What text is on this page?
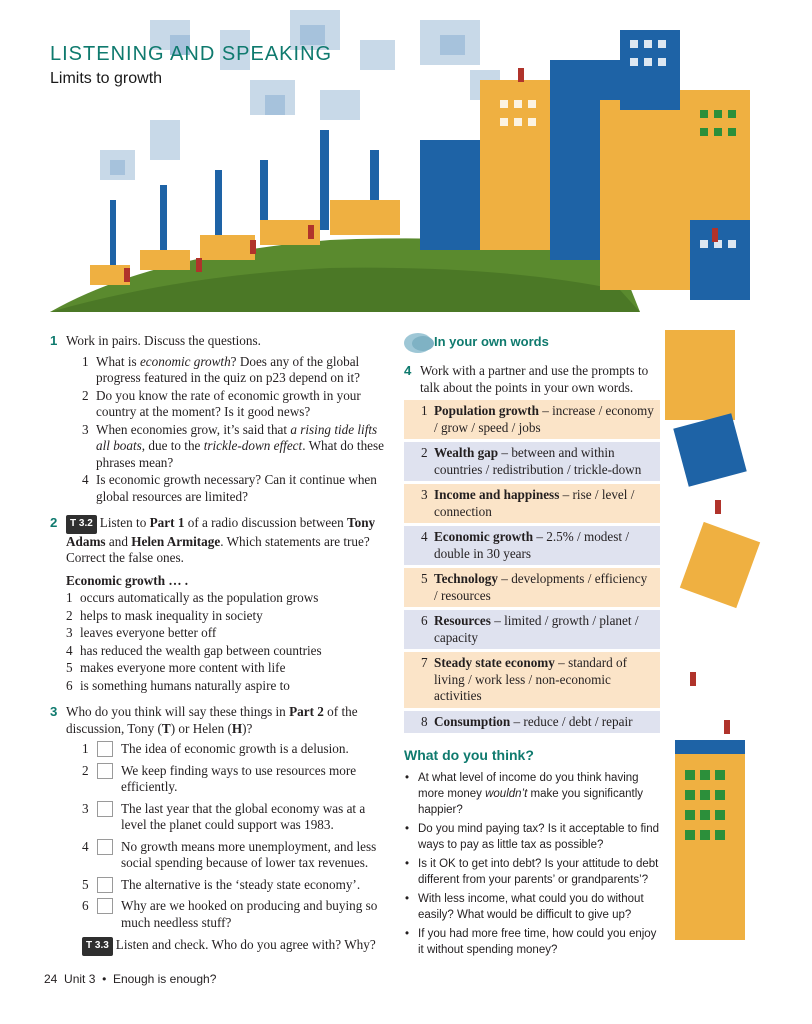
LISTENING AND SPEAKING
Limits to growth
1 Work in pairs. Discuss the questions.
1 What is economic growth? Does any of the global progress featured in the quiz on p23 depend on it?
2 Do you know the rate of economic growth in your country at the moment? Is it good news?
3 When economies grow, it’s said that a rising tide lifts all boats, due to the trickle-down effect. What do these phrases mean?
4 Is economic growth necessary? Can it continue when global resources are limited?
2 T 3.2 Listen to Part 1 of a radio discussion between Tony Adams and Helen Armitage. Which statements are true? Correct the false ones.
Economic growth … .
1 occurs automatically as the population grows
2 helps to mask inequality in society
3 leaves everyone better off
4 has reduced the wealth gap between countries
5 makes everyone more content with life
6 is something humans naturally aspire to
3 Who do you think will say these things in Part 2 of the discussion, Tony (T) or Helen (H)?
1 The idea of economic growth is a delusion.
2 We keep finding ways to use resources more efficiently.
3 The last year that the global economy was at a level the planet could support was 1983.
4 No growth means more unemployment, and less social spending because of lower tax revenues.
5 The alternative is the ‘steady state economy’.
6 Why are we hooked on producing and buying so much needless stuff?
T 3.3 Listen and check. Who do you agree with? Why?
In your own words
4 Work with a partner and use the prompts to talk about the points in your own words.
1 Population growth – increase / economy / grow / speed / jobs
2 Wealth gap – between and within countries / redistribution / trickle-down
3 Income and happiness – rise / level / connection
4 Economic growth – 2.5% / modest / double in 30 years
5 Technology – developments / efficiency / resources
6 Resources – limited / growth / planet / capacity
7 Steady state economy – standard of living / work less / non-economic activities
8 Consumption – reduce / debt / repair
What do you think?
• At what level of income do you think having more money wouldn’t make you significantly happier?
• Do you mind paying tax? Is it acceptable to find ways to pay as little tax as possible?
• Is it OK to get into debt? Is your attitude to debt different from your parents’ or grandparents’?
• With less income, what could you do without easily? What would be difficult to give up?
• If you had more free time, how could you enjoy it without spending money?
24 Unit 3 • Enough is enough?
